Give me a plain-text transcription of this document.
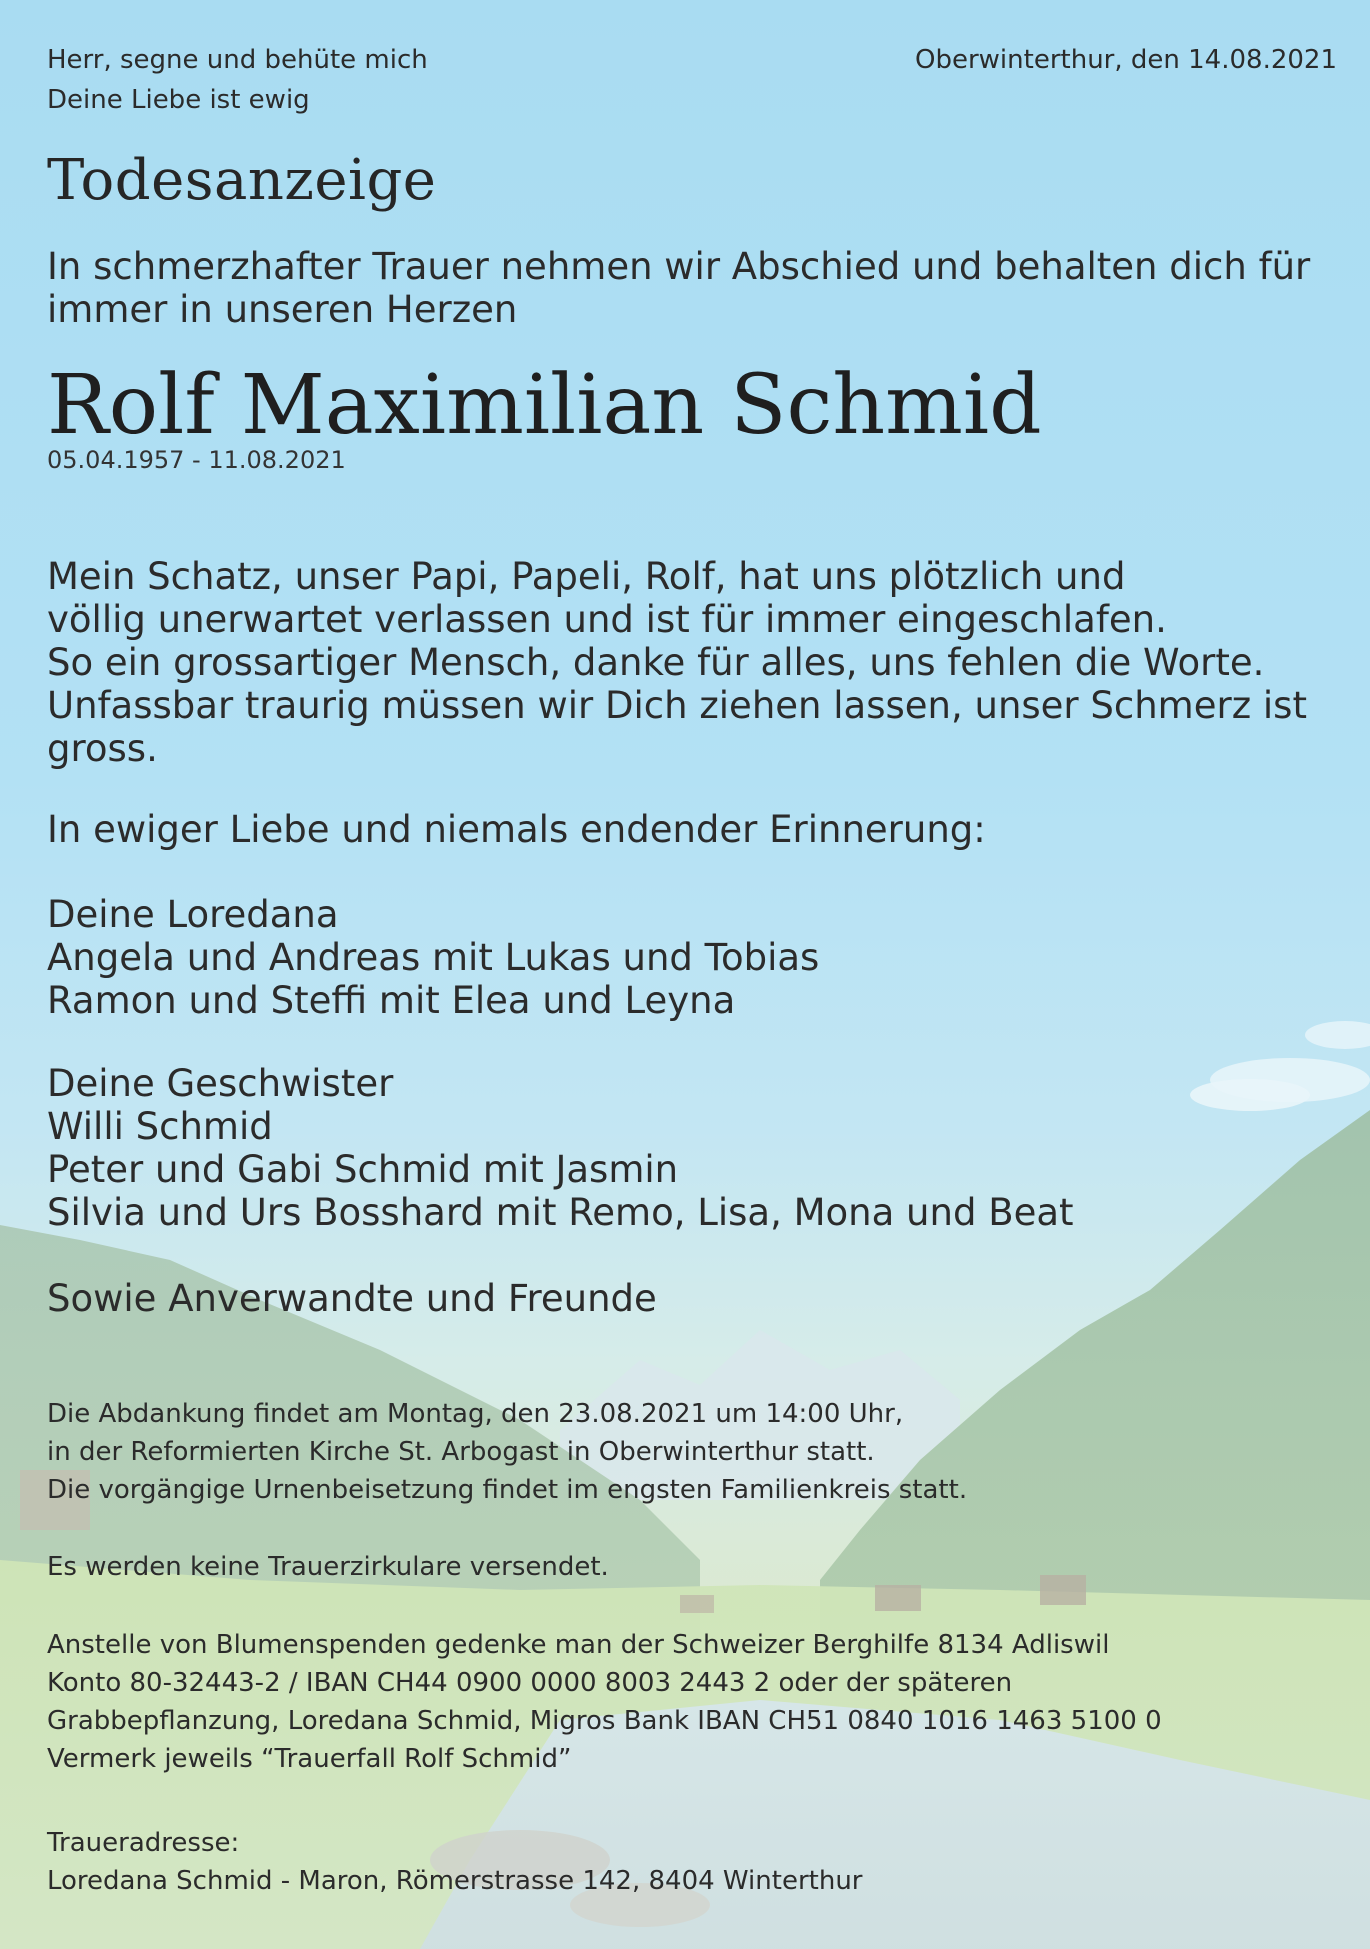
Herr, segne und behüte mich
Deine Liebe ist ewig
Oberwinterthur, den 14.08.2021
Todesanzeige

In schmerzhafter Trauer nehmen wir Abschied und behalten dich für immer in unseren Herzen

Rolf Maximilian Schmid
05.04.1957 - 11.08.2021
Mein Schatz, unser Papi, Papeli, Rolf, hat uns plötzlich und
völlig unerwartet verlassen und ist für immer eingeschlafen.
So ein grossartiger Mensch, danke für alles, uns fehlen die Worte.
Unfassbar traurig müssen wir Dich ziehen lassen, unser Schmerz ist
gross.
In ewiger Liebe und niemals endender Erinnerung:
Deine Loredana
Angela und Andreas mit Lukas und Tobias
Ramon und Steffi mit Elea und Leyna
Deine Geschwister
Willi Schmid
Peter und Gabi Schmid mit Jasmin
Silvia und Urs Bosshard mit Remo, Lisa, Mona und Beat
Sowie Anverwandte und Freunde
Die Abdankung findet am Montag, den 23.08.2021 um 14:00 Uhr,
in der Reformierten Kirche St. Arbogast in Oberwinterthur statt.
Die vorgängige Urnenbeisetzung findet im engsten Familienkreis statt.
Es werden keine Trauerzirkulare versendet.
Anstelle von Blumenspenden gedenke man der Schweizer Berghilfe 8134 Adliswil
Konto 80-32443-2 / IBAN CH44 0900 0000 8003 2443 2 oder der späteren
Grabbepflanzung, Loredana Schmid, Migros Bank IBAN CH51 0840 1016 1463 5100 0
Vermerk jeweils “Trauerfall Rolf Schmid”
Traueradresse:
Loredana Schmid - Maron, Römerstrasse 142, 8404 Winterthur
